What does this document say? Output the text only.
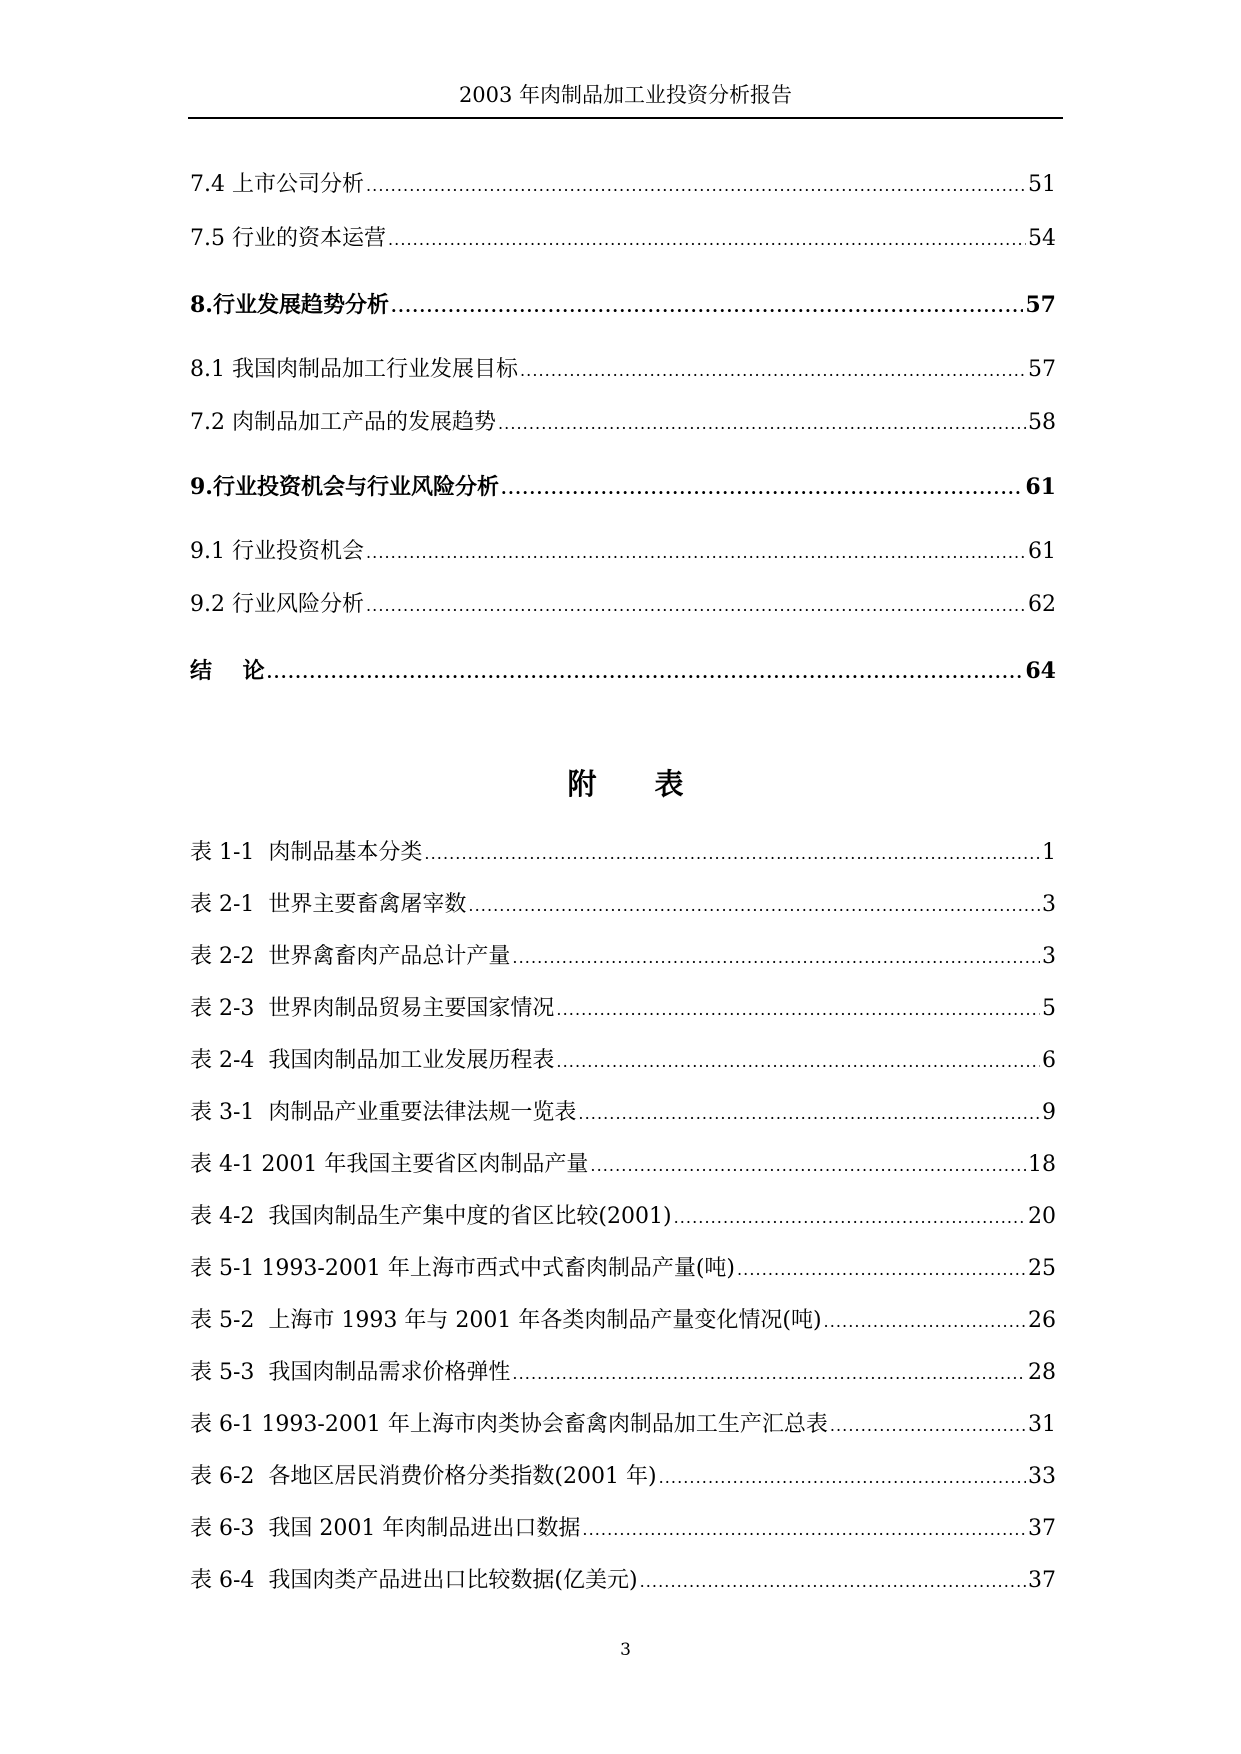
2003 年肉制品加工业投资分析报告
7.4 上市公司分析 . . .	51
7.5 行业的资本运营 . . .	54
8.行业发展趋势分析 . . .	57
8.1 我国肉制品加工行业发展目标 . . .	57
7.2 肉制品加工产品的发展趋势 . . .	58
9.行业投资机会与行业风险分析 . . .	61
9.1 行业投资机会 . . .	61
9.2 行业风险分析 . . .	62
结    论 . . .	64
附表
表 1-1  肉制品基本分类 . . .	1
表 2-1  世界主要畜禽屠宰数 . . .	3
表 2-2  世界禽畜肉产品总计产量 . . .	3
表 2-3  世界肉制品贸易主要国家情况 . . .	5
表 2-4  我国肉制品加工业发展历程表 . . .	6
表 3-1  肉制品产业重要法律法规一览表 . . .	9
表 4-1 2001 年我国主要省区肉制品产量 . . .	18
表 4-2  我国肉制品生产集中度的省区比较(2001) . . .	20
表 5-1 1993-2001 年上海市西式中式畜肉制品产量(吨) . . .	25
表 5-2  上海市 1993 年与 2001 年各类肉制品产量变化情况(吨) . . .	26
表 5-3  我国肉制品需求价格弹性 . . .	28
表 6-1 1993-2001 年上海市肉类协会畜禽肉制品加工生产汇总表 . . .	31
表 6-2  各地区居民消费价格分类指数(2001 年) . . .	33
表 6-3  我国 2001 年肉制品进出口数据 . . .	37
表 6-4  我国肉类产品进出口比较数据(亿美元) . . .	37
3
